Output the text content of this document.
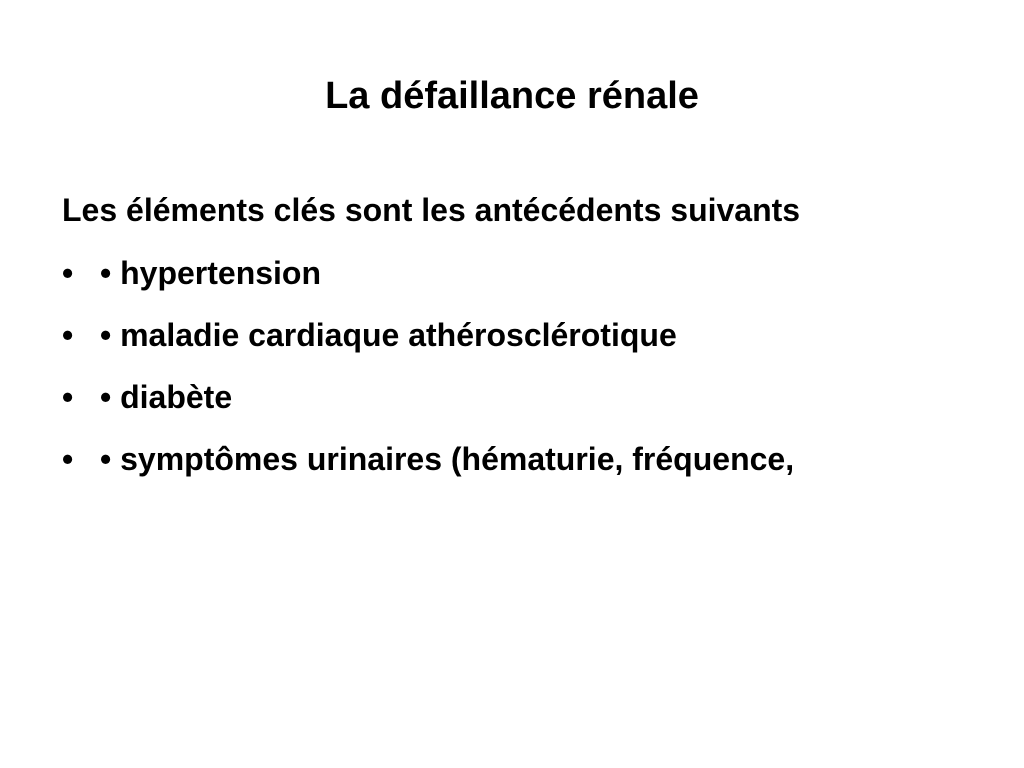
La défaillance rénale
Les éléments clés sont les antécédents suivants
• • hypertension
• • maladie cardiaque athérosclérotique
• • diabète
• • symptômes urinaires (hématurie, fréquence,
